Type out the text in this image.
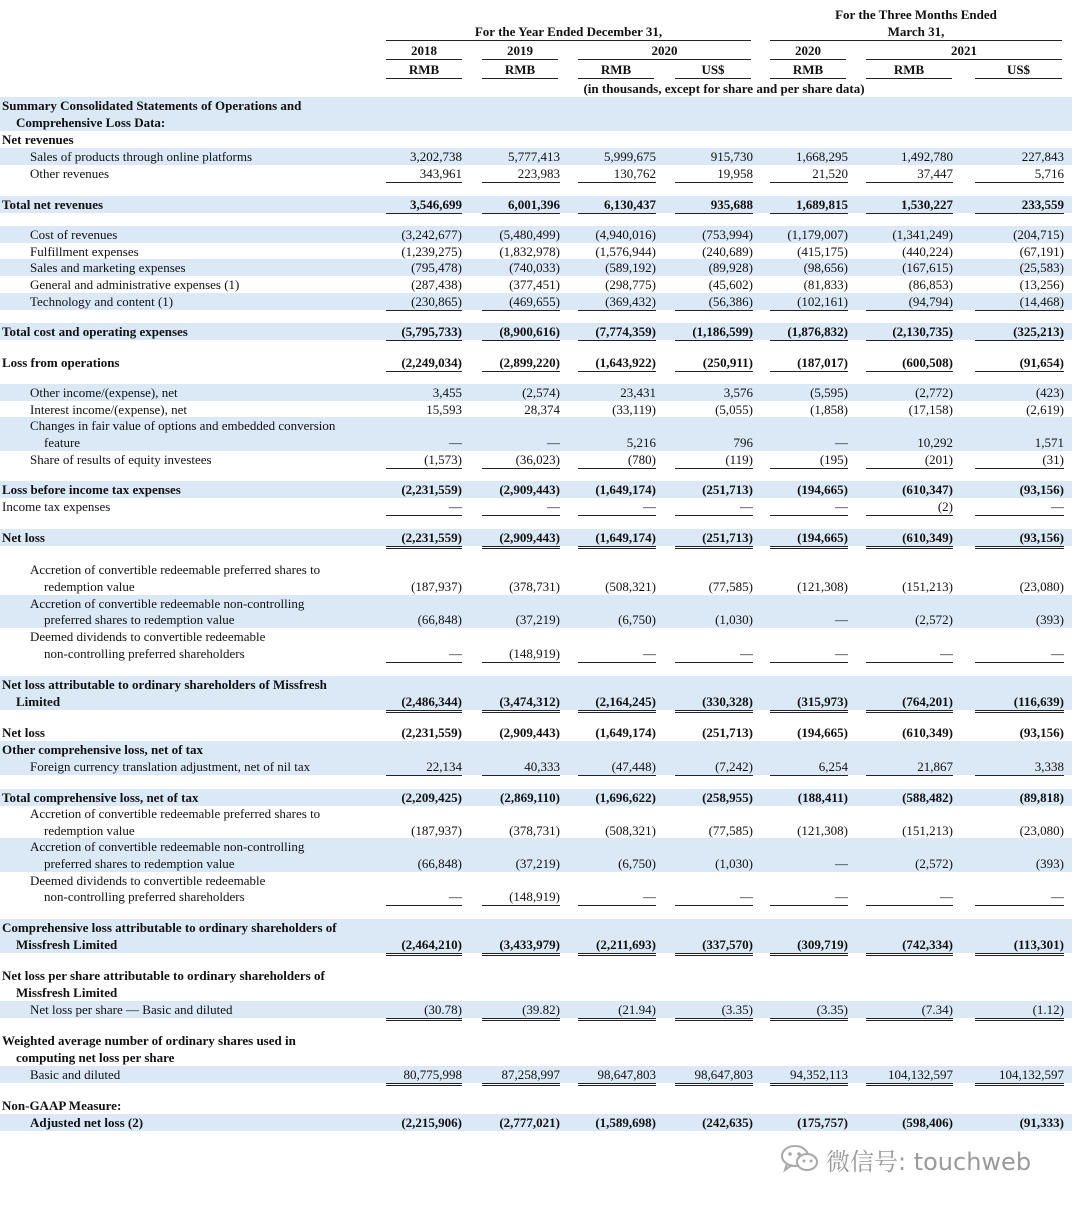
For the Year Ended December 31,
For the Three Months Ended
March 31,
2018	2019	2020	2020	2021
RMB	RMB	RMB	US$	RMB	RMB	US$
(in thousands, except for share and per share data)
Summary Consolidated Statements of Operations and
Comprehensive Loss Data:
Net revenues
Sales of products through online platforms	3,202,738	5,777,413	5,999,675	915,730	1,668,295	1,492,780	227,843
Other revenues	343,961	223,983	130,762	19,958	21,520	37,447	5,716
Total net revenues	3,546,699	6,001,396	6,130,437	935,688	1,689,815	1,530,227	233,559
Cost of revenues	(3,242,677)	(5,480,499)	(4,940,016)	(753,994)	(1,179,007)	(1,341,249)	(204,715)
Fulfillment expenses	(1,239,275)	(1,832,978)	(1,576,944)	(240,689)	(415,175)	(440,224)	(67,191)
Sales and marketing expenses	(795,478)	(740,033)	(589,192)	(89,928)	(98,656)	(167,615)	(25,583)
General and administrative expenses (1)	(287,438)	(377,451)	(298,775)	(45,602)	(81,833)	(86,853)	(13,256)
Technology and content (1)	(230,865)	(469,655)	(369,432)	(56,386)	(102,161)	(94,794)	(14,468)
Total cost and operating expenses	(5,795,733)	(8,900,616)	(7,774,359)	(1,186,599)	(1,876,832)	(2,130,735)	(325,213)
Loss from operations	(2,249,034)	(2,899,220)	(1,643,922)	(250,911)	(187,017)	(600,508)	(91,654)
Other income/(expense), net	3,455	(2,574)	23,431	3,576	(5,595)	(2,772)	(423)
Interest income/(expense), net	15,593	28,374	(33,119)	(5,055)	(1,858)	(17,158)	(2,619)
Changes in fair value of options and embedded conversion
feature	—	—	5,216	796	—	10,292	1,571
Share of results of equity investees	(1,573)	(36,023)	(780)	(119)	(195)	(201)	(31)
Loss before income tax expenses	(2,231,559)	(2,909,443)	(1,649,174)	(251,713)	(194,665)	(610,347)	(93,156)
Income tax expenses	—	—	—	—	—	(2)	—
Net loss	(2,231,559)	(2,909,443)	(1,649,174)	(251,713)	(194,665)	(610,349)	(93,156)
Accretion of convertible redeemable preferred shares to
redemption value	(187,937)	(378,731)	(508,321)	(77,585)	(121,308)	(151,213)	(23,080)
Accretion of convertible redeemable non-controlling
preferred shares to redemption value	(66,848)	(37,219)	(6,750)	(1,030)	—	(2,572)	(393)
Deemed dividends to convertible redeemable
non-controlling preferred shareholders	—	(148,919)	—	—	—	—	—
Net loss attributable to ordinary shareholders of Missfresh
Limited	(2,486,344)	(3,474,312)	(2,164,245)	(330,328)	(315,973)	(764,201)	(116,639)
Net loss	(2,231,559)	(2,909,443)	(1,649,174)	(251,713)	(194,665)	(610,349)	(93,156)
Other comprehensive loss, net of tax
Foreign currency translation adjustment, net of nil tax	22,134	40,333	(47,448)	(7,242)	6,254	21,867	3,338
Total comprehensive loss, net of tax	(2,209,425)	(2,869,110)	(1,696,622)	(258,955)	(188,411)	(588,482)	(89,818)
Accretion of convertible redeemable preferred shares to
redemption value	(187,937)	(378,731)	(508,321)	(77,585)	(121,308)	(151,213)	(23,080)
Accretion of convertible redeemable non-controlling
preferred shares to redemption value	(66,848)	(37,219)	(6,750)	(1,030)	—	(2,572)	(393)
Deemed dividends to convertible redeemable
non-controlling preferred shareholders	—	(148,919)	—	—	—	—	—
Comprehensive loss attributable to ordinary shareholders of
Missfresh Limited	(2,464,210)	(3,433,979)	(2,211,693)	(337,570)	(309,719)	(742,334)	(113,301)
Net loss per share attributable to ordinary shareholders of
Missfresh Limited
Net loss per share — Basic and diluted	(30.78)	(39.82)	(21.94)	(3.35)	(3.35)	(7.34)	(1.12)
Weighted average number of ordinary shares used in
computing net loss per share
Basic and diluted	80,775,998	87,258,997	98,647,803	98,647,803	94,352,113	104,132,597	104,132,597
Non-GAAP Measure:
Adjusted net loss (2)	(2,215,906)	(2,777,021)	(1,589,698)	(242,635)	(175,757)	(598,406)	(91,333)
微信号: touchweb
